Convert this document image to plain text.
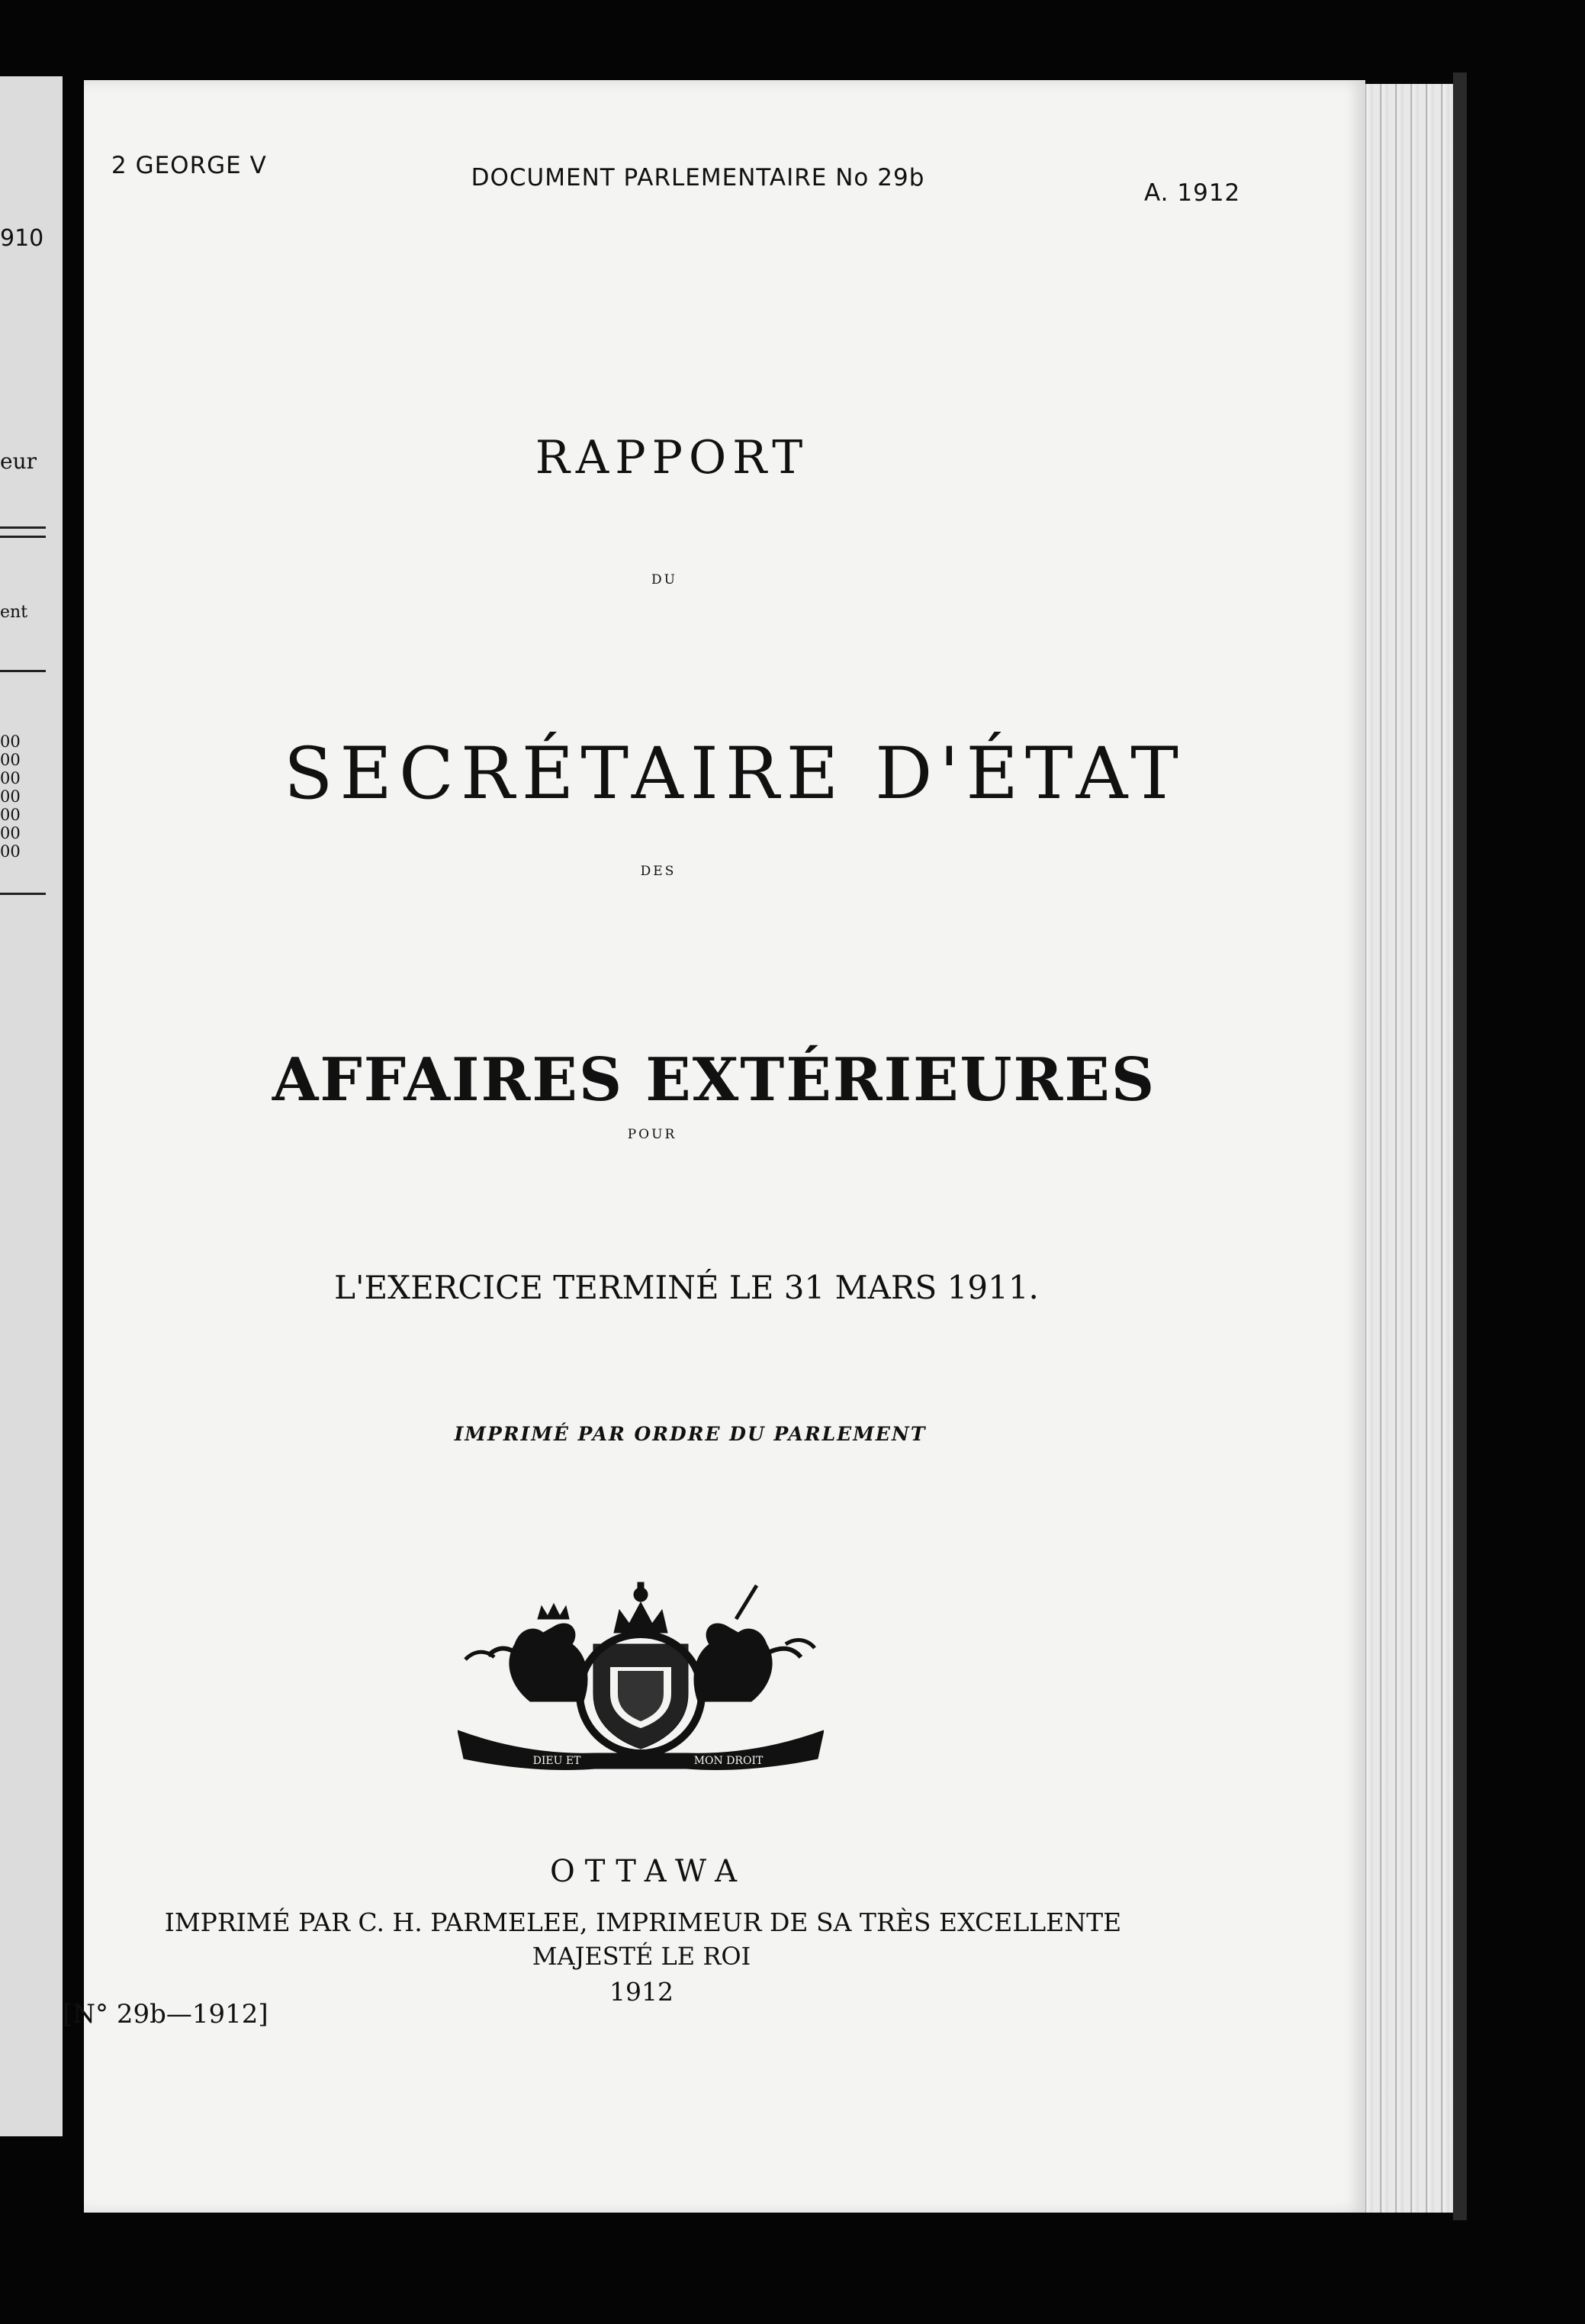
910
eur
ent
00
00
00
00
00
00
00
2 GEORGE V	DOCUMENT PARLEMENTAIRE No 29b
A. 1912
RAPPORT
DU
SECRÉTAIRE D'ÉTAT
DES
AFFAIRES EXTÉRIEURES
POUR
L'EXERCICE TERMINÉ LE 31 MARS 1911.
IMPRIMÉ PAR ORDRE DU PARLEMENT
DIEU ET	MON DROIT
OTTAWA
IMPRIMÉ PAR C. H. PARMELEE, IMPRIMEUR DE SA TRÈS EXCELLENTE
MAJESTÉ LE ROI
1912
[N° 29b—1912]
